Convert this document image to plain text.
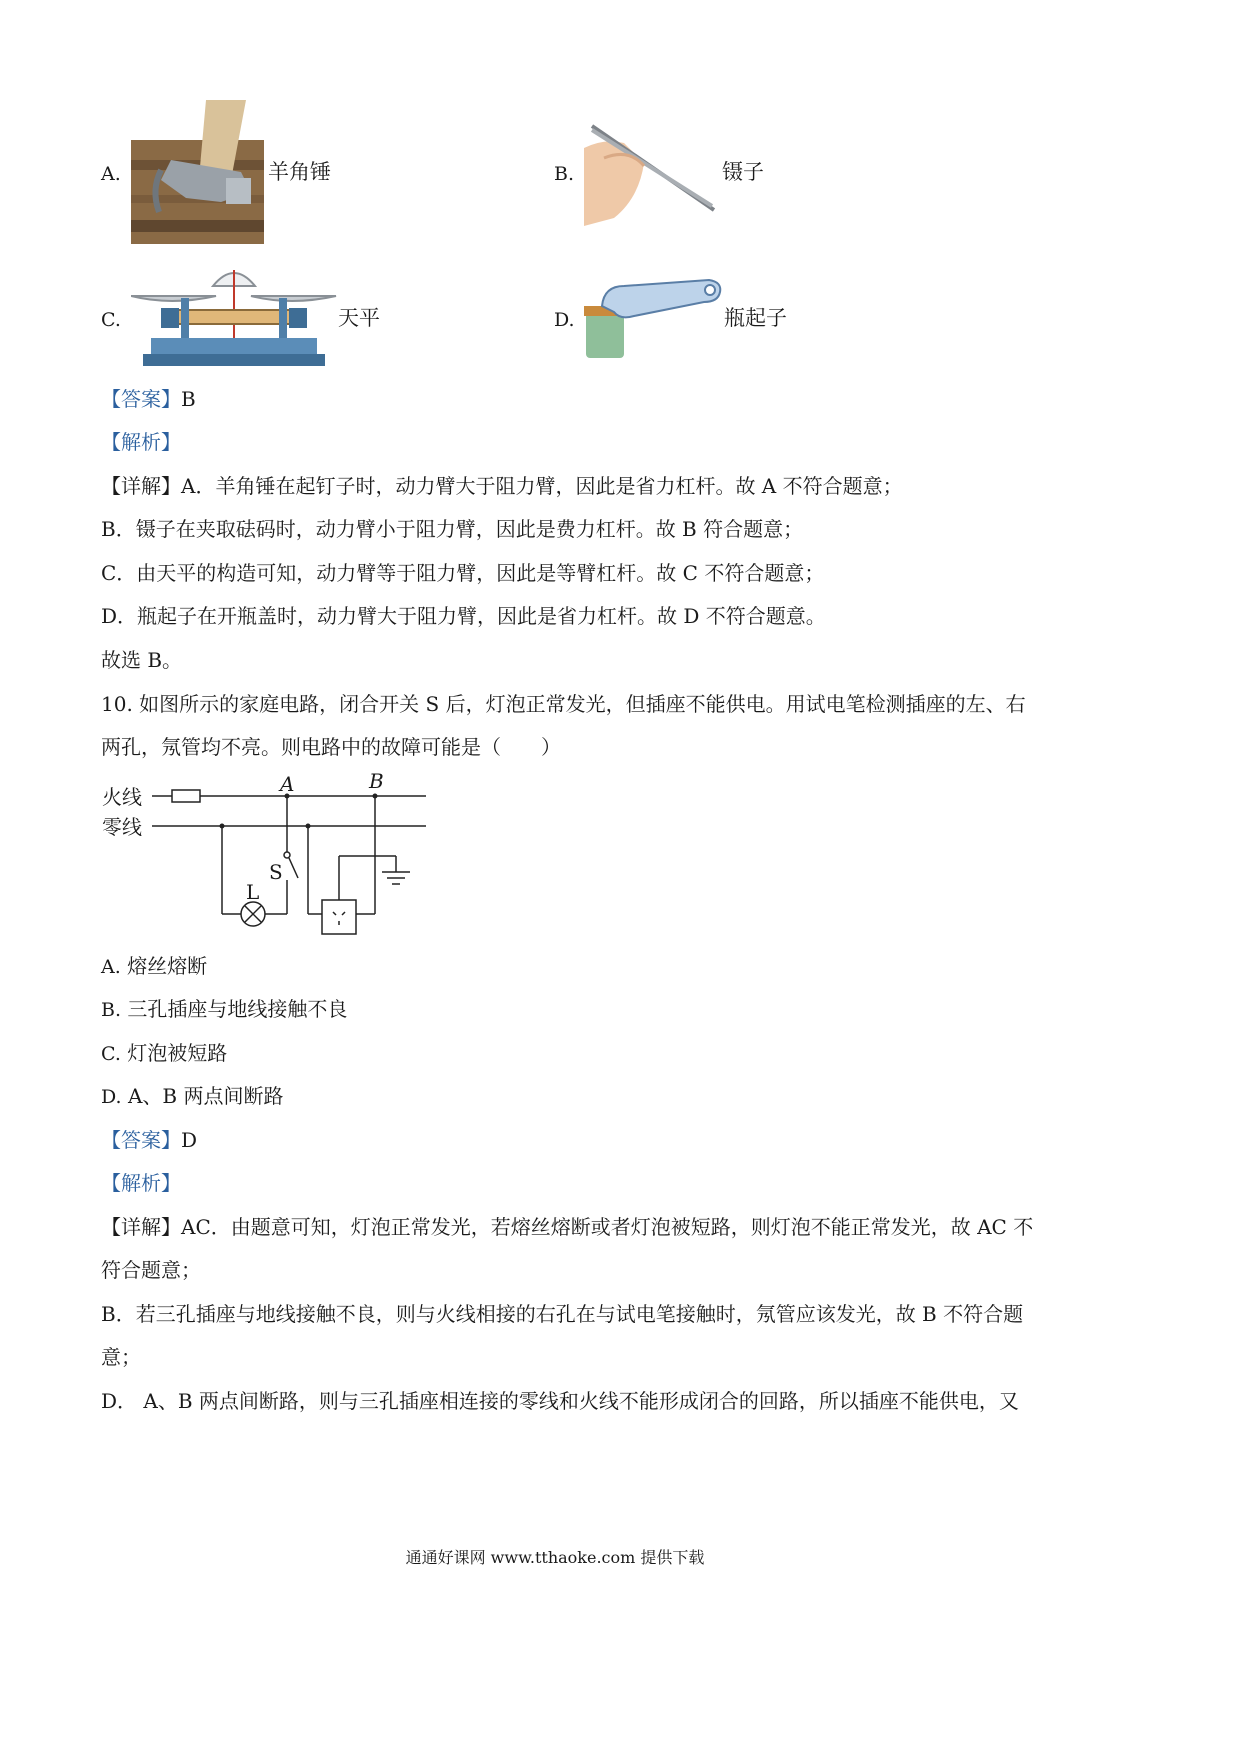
A.	羊角锤	B.	镊子
C.	天平	D.	瓶起子
【答案】B
【解析】
【详解】A．羊角锤在起钉子时，动力臂大于阻力臂，因此是省力杠杆。故 A 不符合题意；
B．镊子在夹取砝码时，动力臂小于阻力臂，因此是费力杠杆。故 B 符合题意；
C．由天平的构造可知，动力臂等于阻力臂，因此是等臂杠杆。故 C 不符合题意；
D．瓶起子在开瓶盖时，动力臂大于阻力臂，因此是省力杠杆。故 D 不符合题意。
故选 B。
10. 如图所示的家庭电路，闭合开关 S 后，灯泡正常发光，但插座不能供电。用试电笔检测插座的左、右
两孔，氖管均不亮。则电路中的故障可能是（　　）
火线
零线
A	B
S
L
A. 熔丝熔断
B. 三孔插座与地线接触不良
C. 灯泡被短路
D. A、B 两点间断路
【答案】D
【解析】
【详解】AC．由题意可知，灯泡正常发光，若熔丝熔断或者灯泡被短路，则灯泡不能正常发光，故 AC 不
符合题意；
B．若三孔插座与地线接触不良，则与火线相接的右孔在与试电笔接触时，氖管应该发光，故 B 不符合题
意；
D． A、B 两点间断路，则与三孔插座相连接的零线和火线不能形成闭合的回路，所以插座不能供电，又
通通好课网 www.tthaoke.com 提供下载
